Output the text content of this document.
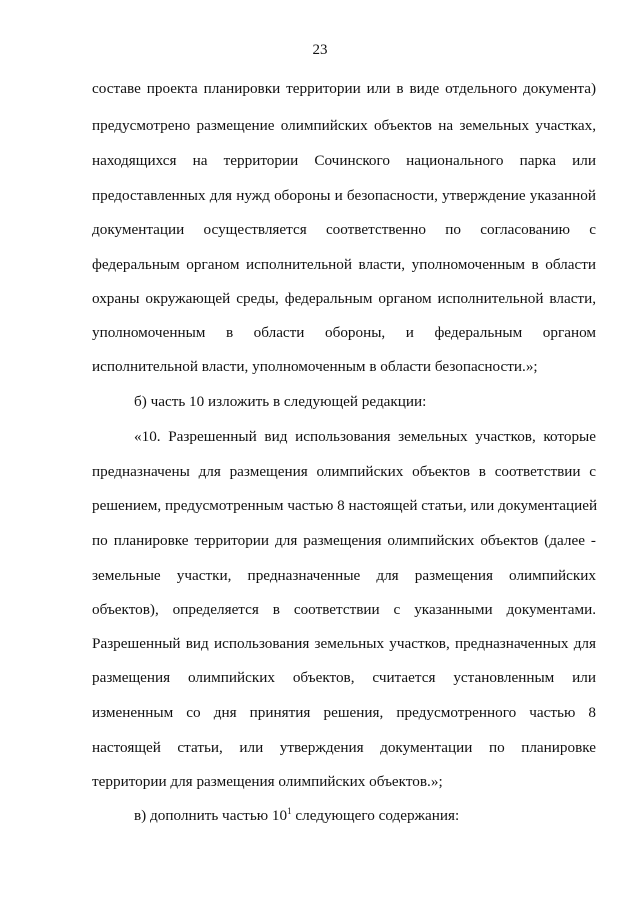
23
составе проекта планировки территории или в виде отдельного документа)
предусмотрено размещение олимпийских объектов на земельных участках,
находящихся на территории Сочинского национального парка или
предоставленных для нужд обороны и безопасности, утверждение указанной
документации осуществляется соответственно по согласованию с
федеральным органом исполнительной власти, уполномоченным в области
охраны окружающей среды, федеральным органом исполнительной власти,
уполномоченным в области обороны, и федеральным органом
исполнительной власти, уполномоченным в области безопасности.»;
б) часть 10 изложить в следующей редакции:
«10. Разрешенный вид использования земельных участков, которые
предназначены для размещения олимпийских объектов в соответствии с
решением, предусмотренным частью 8 настоящей статьи, или документацией
по планировке территории для размещения олимпийских объектов (далее -
земельные участки, предназначенные для размещения олимпийских
объектов), определяется в соответствии с указанными документами.
Разрешенный вид использования земельных участков, предназначенных для
размещения олимпийских объектов, считается установленным или
измененным со дня принятия решения, предусмотренного частью 8
настоящей статьи, или утверждения документации по планировке
территории для размещения олимпийских объектов.»;
в) дополнить частью $10^1$ следующего содержания:
